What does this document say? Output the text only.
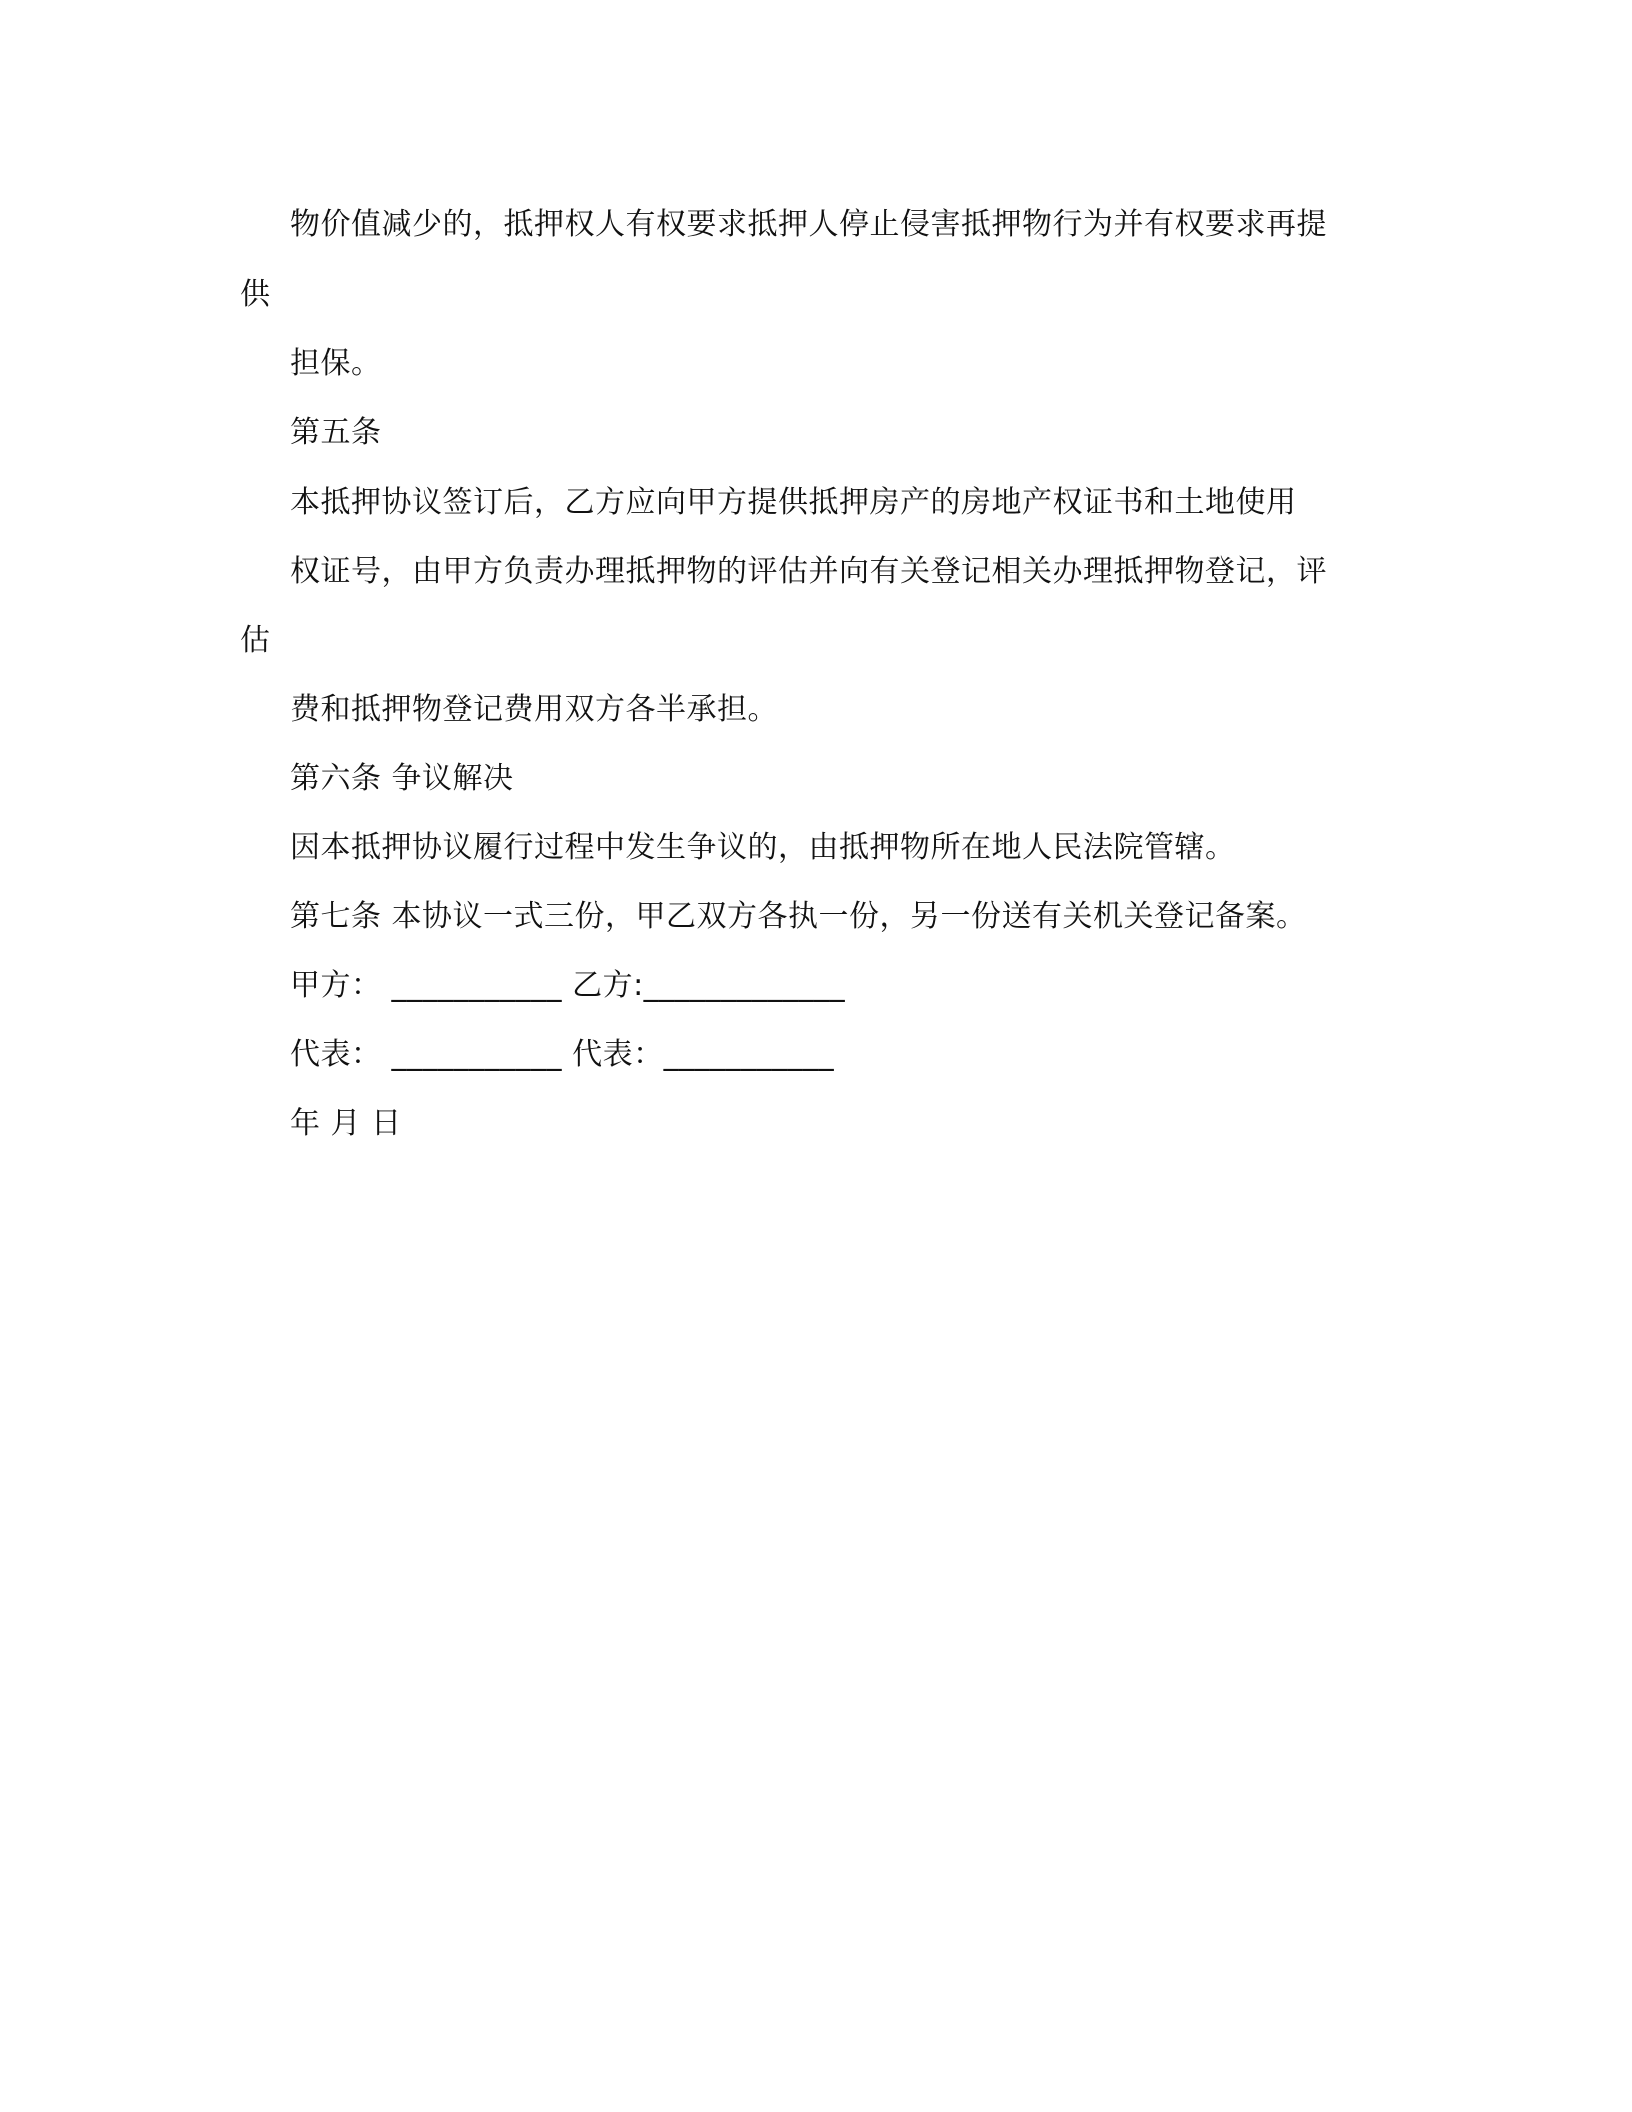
物价值减少的，抵押权人有权要求抵押人停止侵害抵押物行为并有权要求再提
供
担保。
第五条
本抵押协议签订后，乙方应向甲方提供抵押房产的房地产权证书和土地使用
权证号，由甲方负责办理抵押物的评估并向有关登记相关办理抵押物登记，评
估
费和抵押物登记费用双方各半承担。
第六条 争议解决
因本抵押协议履行过程中发生争议的，由抵押物所在地人民法院管辖。
第七条 本协议一式三份，甲乙双方各执一份，另一份送有关机关登记备案。
甲方： ___________ 乙方:_____________
代表： ___________ 代表：___________
年 月 日
